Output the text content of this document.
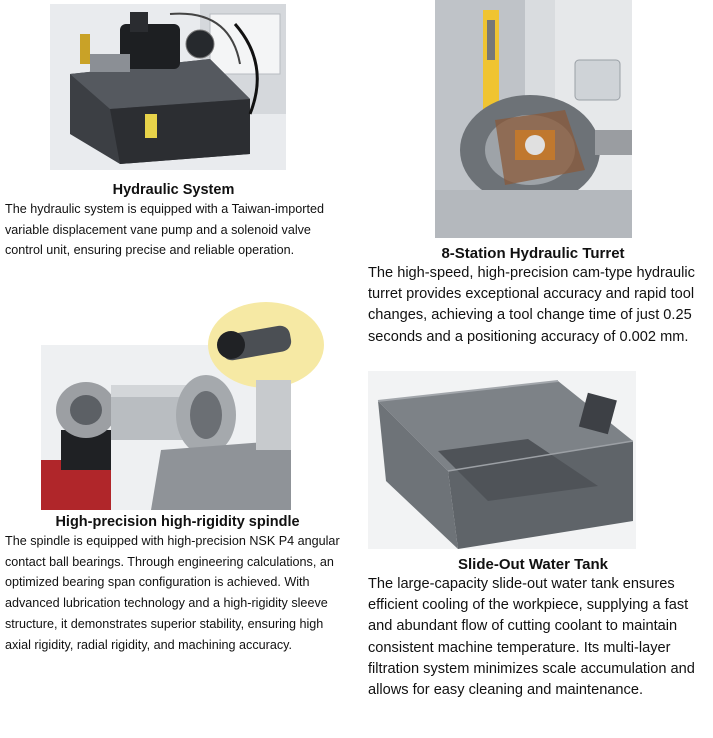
Hydraulic System
The hydraulic system is equipped with a Taiwan-imported variable displacement vane pump and a solenoid valve control unit, ensuring precise and reliable operation.	8-Station Hydraulic Turret
The high-speed, high-precision cam-type hydraulic turret provides exceptional accuracy and rapid tool changes, achieving a tool change time of just 0.25 seconds and a positioning accuracy of 0.002 mm.
High-precision high-rigidity spindle
The spindle is equipped with high-precision NSK P4 angular contact ball bearings. Through engineering calculations, an optimized bearing span configuration is achieved. With advanced lubrication technology and a high-rigidity sleeve structure, it demonstrates superior stability, ensuring high axial rigidity, radial rigidity, and machining accuracy.
Slide-Out Water Tank
The large-capacity slide-out water tank ensures efficient cooling of the workpiece, supplying a fast and abundant flow of cutting coolant to maintain consistent machine temperature. Its multi-layer filtration system minimizes scale accumulation and allows for easy cleaning and maintenance.
